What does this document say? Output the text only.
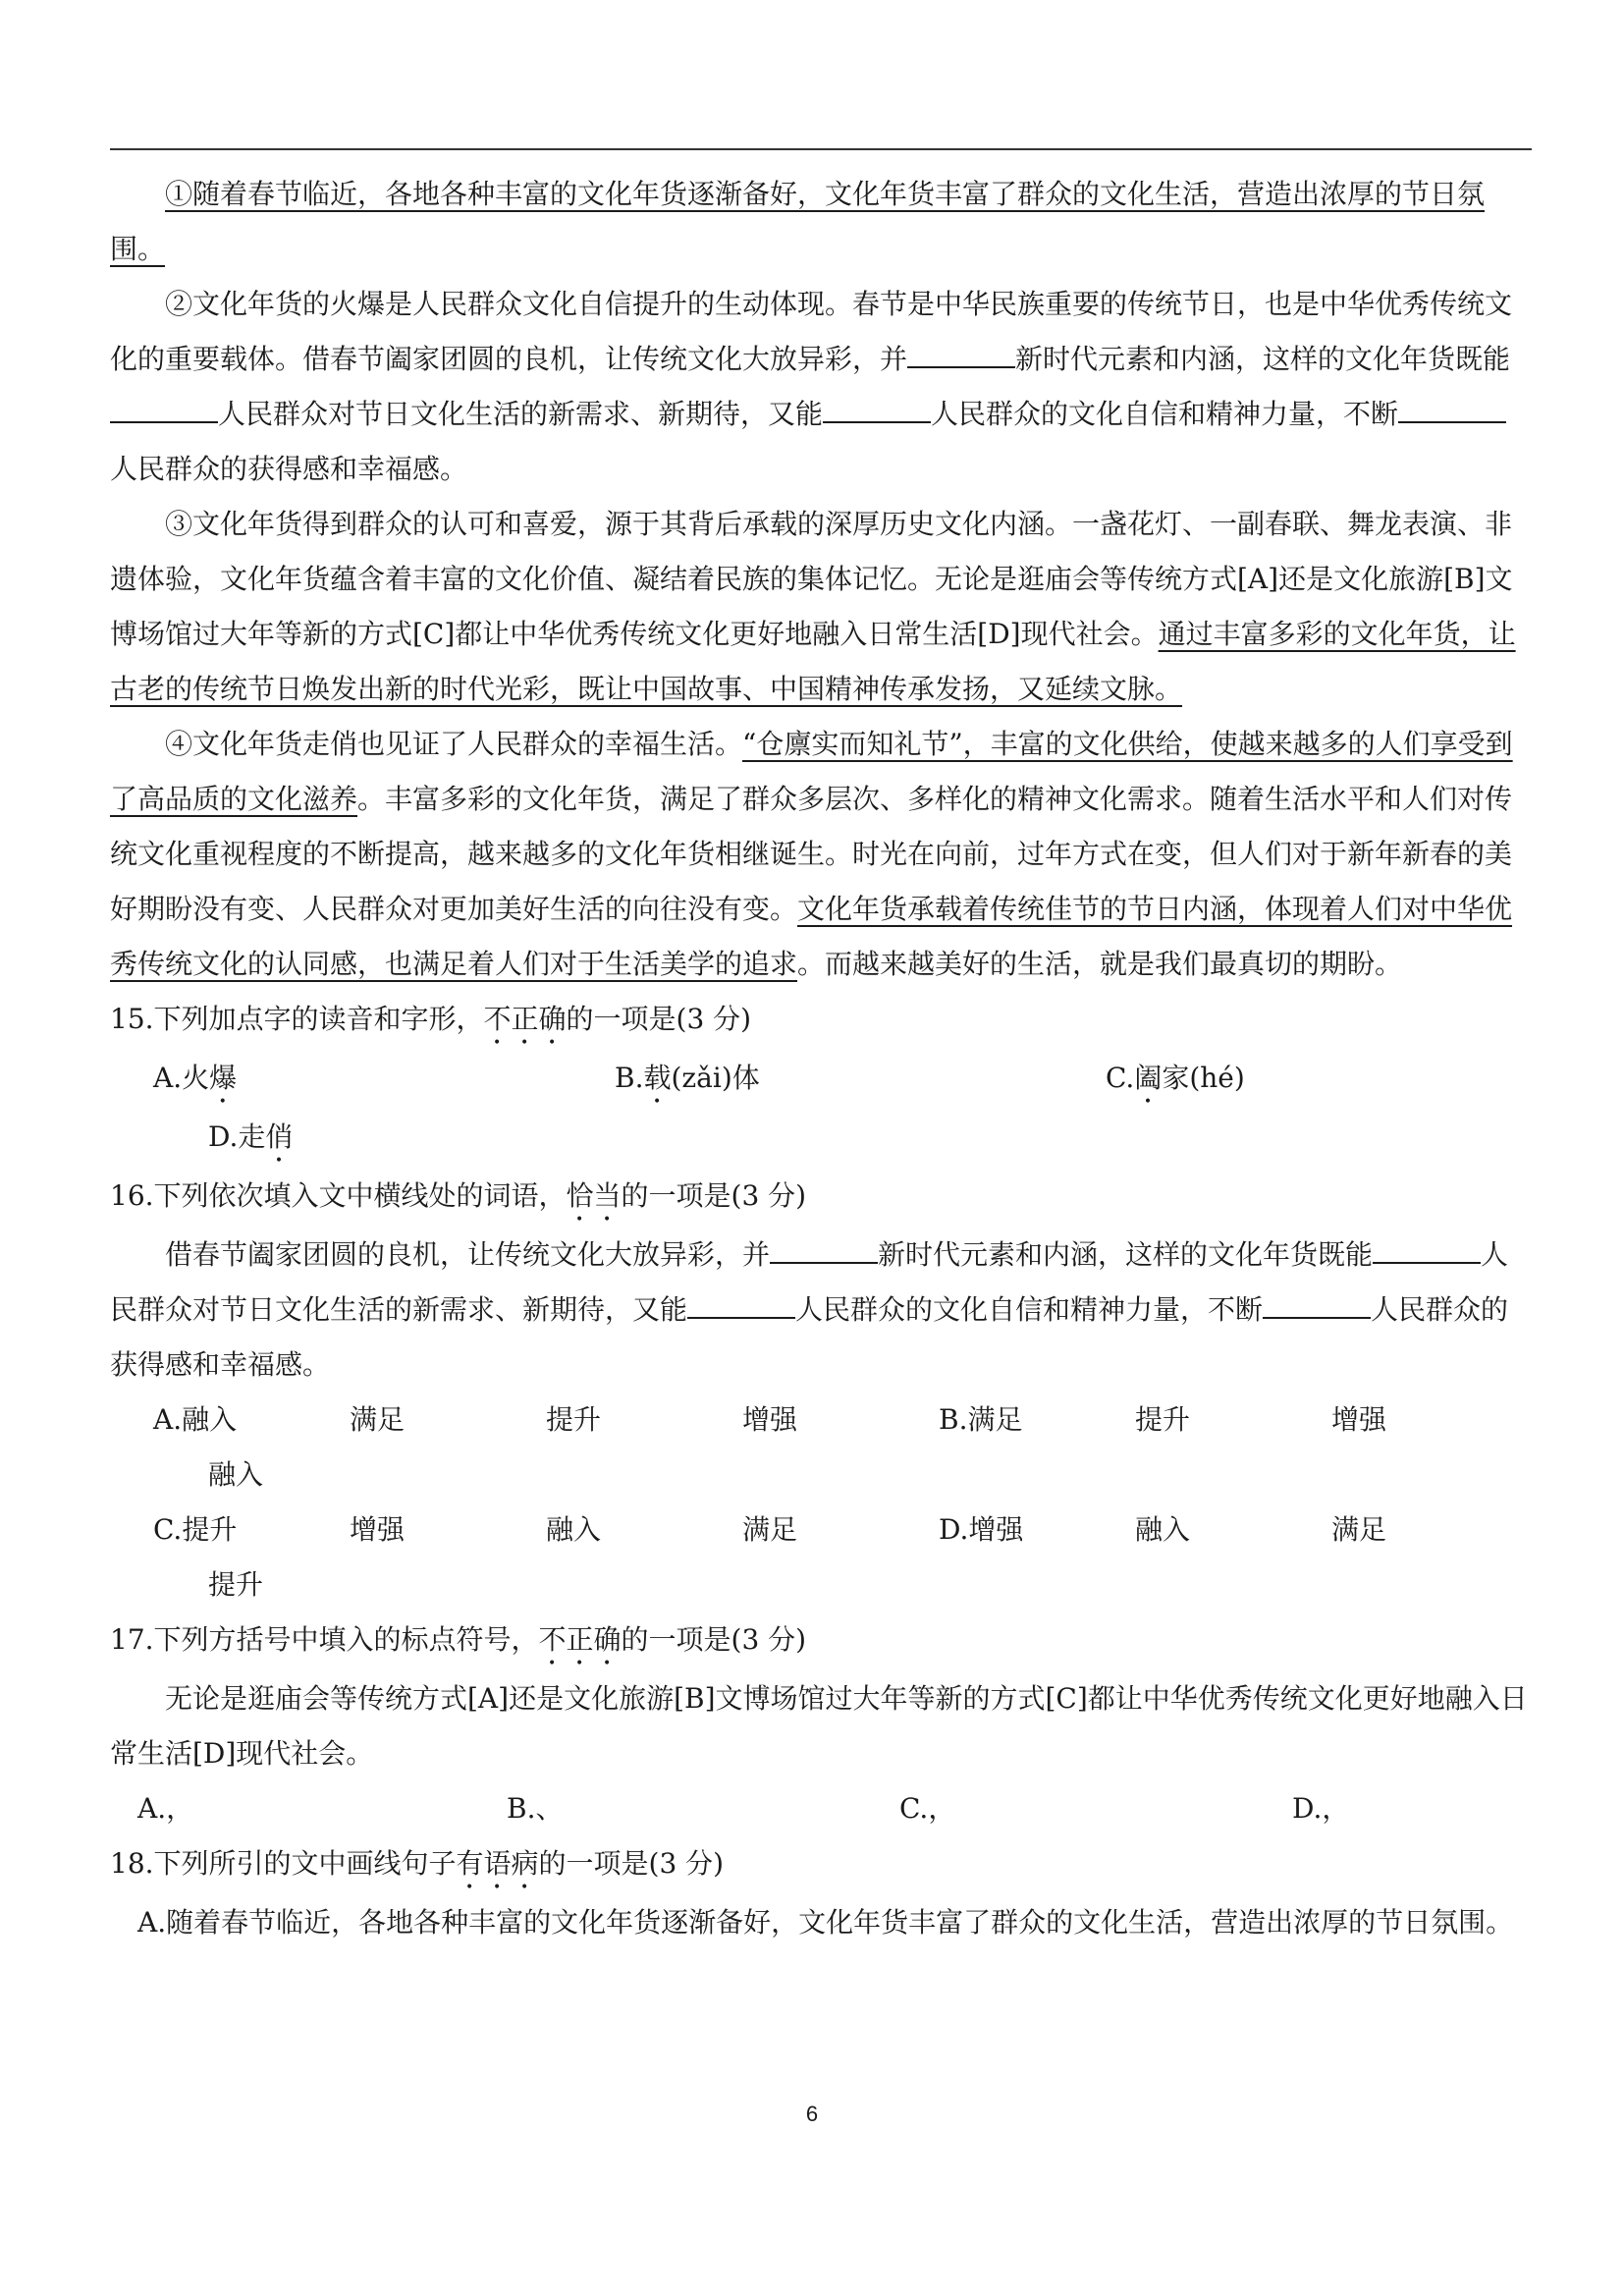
①随着春节临近，各地各种丰富的文化年货逐渐备好，文化年货丰富了群众的文化生活，营造出浓厚的节日氛围。

②文化年货的火爆是人民群众文化自信提升的生动体现。春节是中华民族重要的传统节日，也是中华优秀传统文化的重要载体。借春节阖家团圆的良机，让传统文化大放异彩，并	新时代元素和内涵，这样的文化年货既能人民群众对节日文化生活的新需求、新期待，又能	人民群众的文化自信和精神力量，不断人民群众的获得感和幸福感。

③文化年货得到群众的认可和喜爱，源于其背后承载的深厚历史文化内涵。一盏花灯、一副春联、舞龙表演、非遗体验，文化年货蕴含着丰富的文化价值、凝结着民族的集体记忆。无论是逛庙会等传统方式[A]还是文化旅游[B]文博场馆过大年等新的方式[C]都让中华优秀传统文化更好地融入日常生活[D]现代社会。通过丰富多彩的文化年货，让古老的传统节日焕发出新的时代光彩，既让中国故事、中国精神传承发扬，又延续文脉。

④文化年货走俏也见证了人民群众的幸福生活。“仓廪实而知礼节”，丰富的文化供给，使越来越多的人们享受到了高品质的文化滋养。丰富多彩的文化年货，满足了群众多层次、多样化的精神文化需求。随着生活水平和人们对传统文化重视程度的不断提高，越来越多的文化年货相继诞生。时光在向前，过年方式在变，但人们对于新年新春的美好期盼没有变、人民群众对更加美好生活的向往没有变。文化年货承载着传统佳节的节日内涵，体现着人们对中华优秀传统文化的认同感，也满足着人们对于生活美学的追求。而越来越美好的生活，就是我们最真切的期盼。

15.下列加点字的读音和字形，不正确的一项是(3 分)

A.火爆	B.载(zǎi)体	C.阖家(hé)
D.走俏

16.下列依次填入文中横线处的词语，恰当的一项是(3 分)

借春节阖家团圆的良机，让传统文化大放异彩，并	新时代元素和内涵，这样的文化年货既能	人民群众对节日文化生活的新需求、新期待，又能	人民群众的文化自信和精神力量，不断	人民群众的获得感和幸福感。

A.融入	满足	提升	增强	B.满足	提升	增强
融入
C.提升	增强	融入	满足	D.增强	融入	满足
提升

17.下列方括号中填入的标点符号，不正确的一项是(3 分)

无论是逛庙会等传统方式[A]还是文化旅游[B]文博场馆过大年等新的方式[C]都让中华优秀传统文化更好地融入日常生活[D]现代社会。

A.，	B.、	C.，	D.，

18.下列所引的文中画线句子有语病的一项是(3 分)

A.随着春节临近，各地各种丰富的文化年货逐渐备好，文化年货丰富了群众的文化生活，营造出浓厚的节日氛围。

6
